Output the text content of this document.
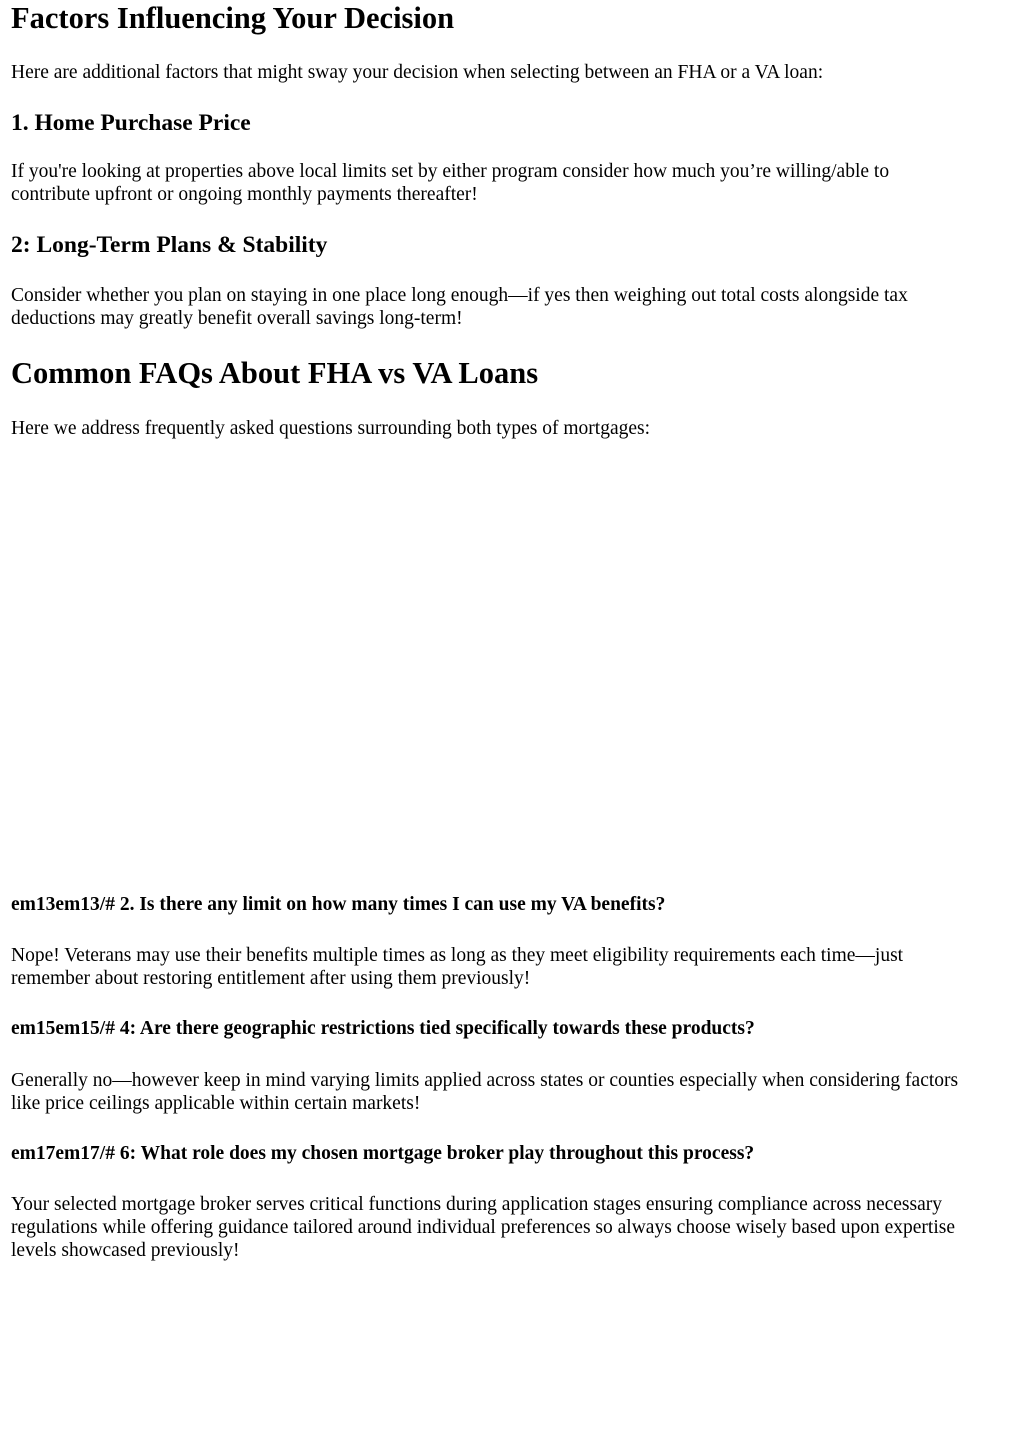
Factors Influencing Your Decision

Here are additional factors that might sway your decision when selecting between an FHA or a VA loan:

1. Home Purchase Price
If you're looking at properties above local limits set by either program consider how much you’re willing/able to
contribute upfront or ongoing monthly payments thereafter!
2: Long-Term Plans & Stability
Consider whether you plan on staying in one place long enough—if yes then weighing out total costs alongside tax
deductions may greatly benefit overall savings long-term!
Common FAQs About FHA vs VA Loans

Here we address frequently asked questions surrounding both types of mortgages:

em13em13/# 2. Is there any limit on how many times I can use my VA benefits?
Nope! Veterans may use their benefits multiple times as long as they meet eligibility requirements each time—just
remember about restoring entitlement after using them previously!
em15em15/# 4: Are there geographic restrictions tied specifically towards these products?
Generally no—however keep in mind varying limits applied across states or counties especially when considering factors
like price ceilings applicable within certain markets!
em17em17/# 6: What role does my chosen mortgage broker play throughout this process?
Your selected mortgage broker serves critical functions during application stages ensuring compliance across necessary
regulations while offering guidance tailored around individual preferences so always choose wisely based upon expertise
levels showcased previously!
